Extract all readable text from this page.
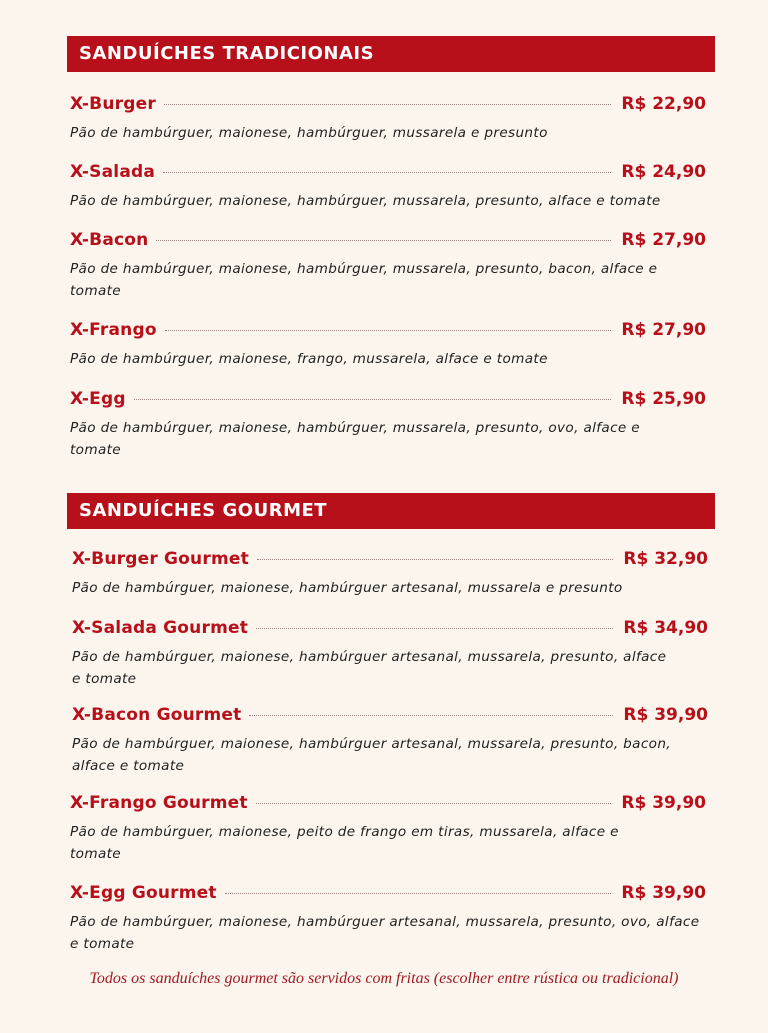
SANDUÍCHES TRADICIONAIS
X-Burger	R$ 22,90
Pão de hambúrguer, maionese, hambúrguer, mussarela e presunto
X-Salada	R$ 24,90
Pão de hambúrguer, maionese, hambúrguer, mussarela, presunto, alface e tomate
X-Bacon	R$ 27,90
Pão de hambúrguer, maionese, hambúrguer, mussarela, presunto, bacon, alface e tomate
X-Frango	R$ 27,90
Pão de hambúrguer, maionese, frango, mussarela, alface e tomate
X-Egg	R$ 25,90
Pão de hambúrguer, maionese, hambúrguer, mussarela, presunto, ovo, alface e tomate
SANDUÍCHES GOURMET
X-Burger Gourmet	R$ 32,90
Pão de hambúrguer, maionese, hambúrguer artesanal, mussarela e presunto
X-Salada Gourmet	R$ 34,90
Pão de hambúrguer, maionese, hambúrguer artesanal, mussarela, presunto, alface e tomate
X-Bacon Gourmet	R$ 39,90
Pão de hambúrguer, maionese, hambúrguer artesanal, mussarela, presunto, bacon, alface e tomate
X-Frango Gourmet	R$ 39,90
Pão de hambúrguer, maionese, peito de frango em tiras, mussarela, alface e tomate
X-Egg Gourmet	R$ 39,90
Pão de hambúrguer, maionese, hambúrguer artesanal, mussarela, presunto, ovo, alface e tomate
Todos os sanduíches gourmet são servidos com fritas (escolher entre rústica ou tradicional)
